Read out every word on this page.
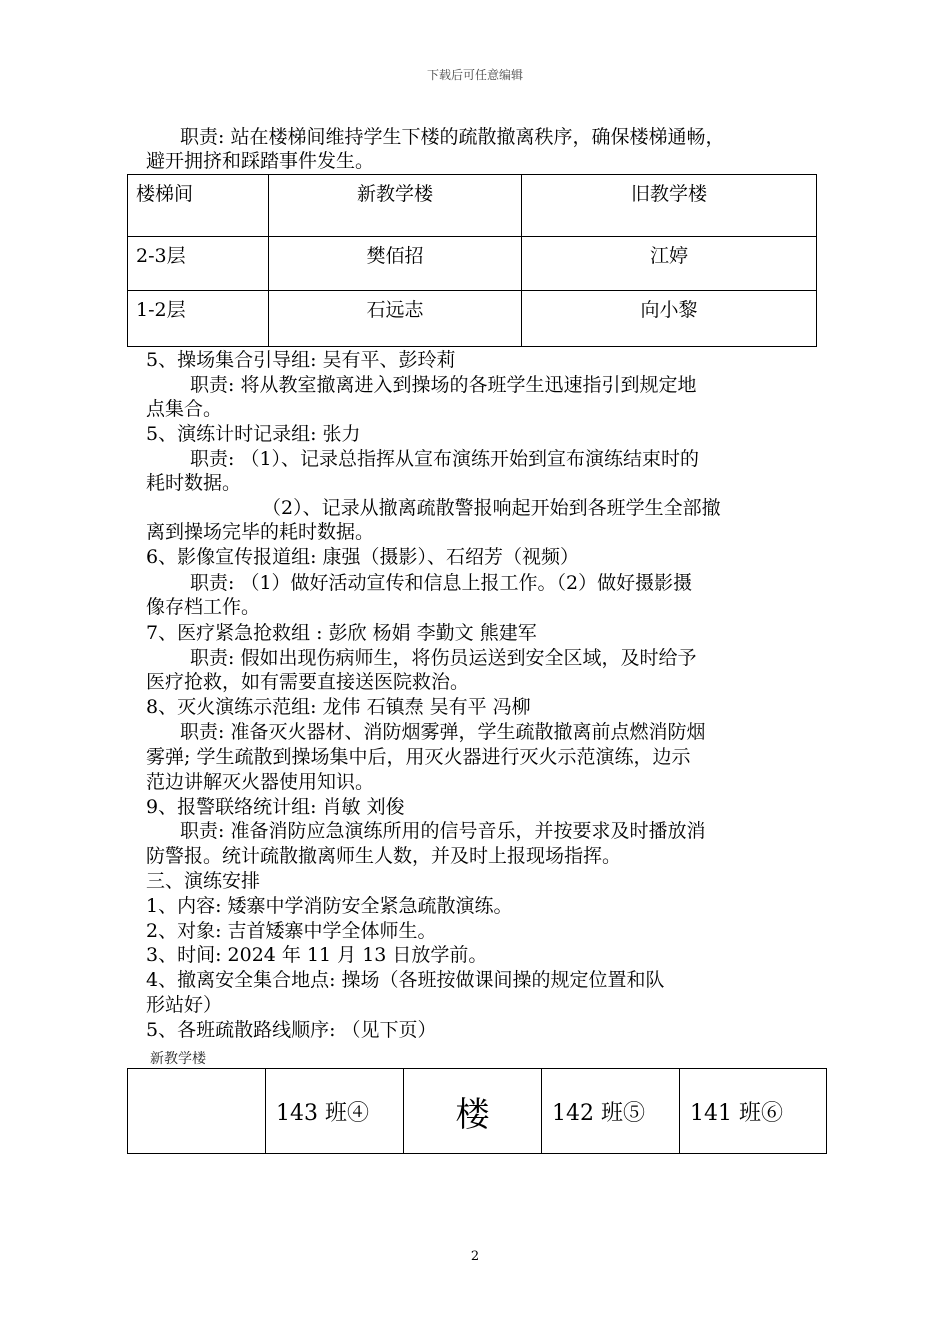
下载后可任意编辑
职责: 站在楼梯间维持学生下楼的疏散撤离秩序，确保楼梯通畅，
避开拥挤和踩踏事件发生。
楼梯间	新教学楼	旧教学楼
2-3层	樊佰招	江婷
1-2层	石远志	向小黎
5、操场集合引导组: 吴有平、彭玲莉
职责: 将从教室撤离进入到操场的各班学生迅速指引到规定地
点集合。
5、演练计时记录组: 张力
职责: （1）、记录总指挥从宣布演练开始到宣布演练结束时的
耗时数据。
（2）、记录从撤离疏散警报响起开始到各班学生全部撤
离到操场完毕的耗时数据。
6、影像宣传报道组: 康强（摄影）、石绍芳（视频）
职责: （1）做好活动宣传和信息上报工作。（2）做好摄影摄
像存档工作。
7、医疗紧急抢救组 : 彭欣 杨娟 李勤文 熊建军
职责: 假如出现伤病师生，将伤员运送到安全区域，及时给予
医疗抢救，如有需要直接送医院救治。
8、灭火演练示范组: 龙伟 石镇焘 吴有平 冯柳
职责: 准备灭火器材、消防烟雾弹，学生疏散撤离前点燃消防烟
雾弹; 学生疏散到操场集中后，用灭火器进行灭火示范演练，边示
范边讲解灭火器使用知识。
9、报警联络统计组: 肖敏 刘俊
职责: 准备消防应急演练所用的信号音乐，并按要求及时播放消
防警报。统计疏散撤离师生人数，并及时上报现场指挥。
三、演练安排
1、内容: 矮寨中学消防安全紧急疏散演练。
2、对象: 吉首矮寨中学全体师生。
3、时间: 2024 年 11 月 13 日放学前。
4、撤离安全集合地点: 操场（各班按做课间操的规定位置和队
形站好）
5、各班疏散路线顺序: （见下页）
新教学楼
	143 班④	楼	142 班⑤	141 班⑥
2
